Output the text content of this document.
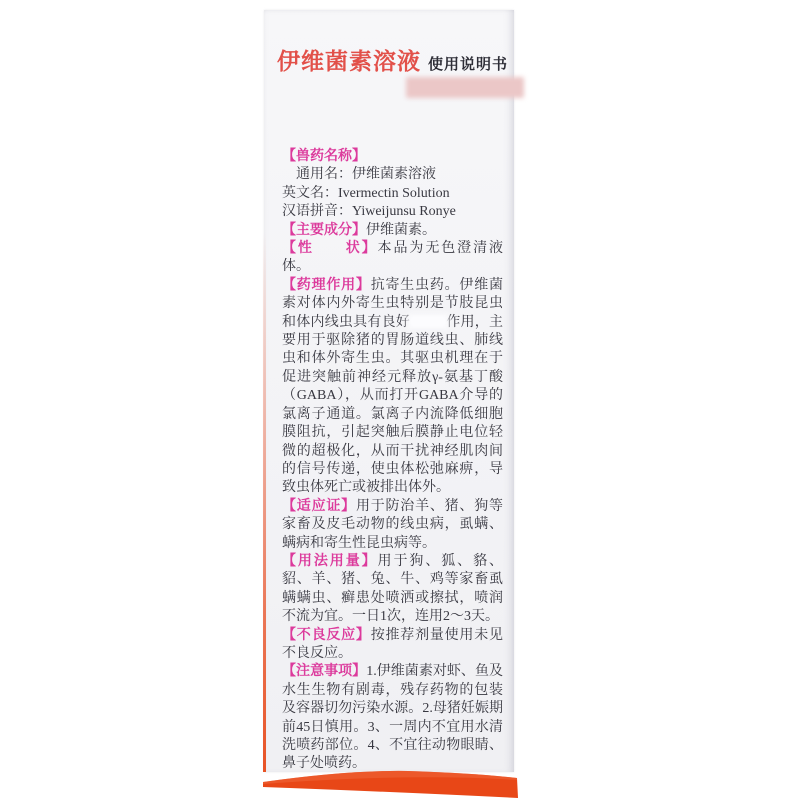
伊维菌素溶液 使用说明书

【兽药名称】

通用名：伊维菌素溶液

英文名：Ivermectin Solution

汉语拼音：Yiweijunsu Ronye

【主要成分】伊维菌素。

【性　　状】本品为无色澄清液体。

【药理作用】抗寄生虫药。伊维菌素对体内外寄生虫特别是节肢昆虫和体内线虫具有良好	作用，主要用于驱除猪的胃肠道线虫、肺线虫和体外寄生虫。其驱虫机理在于促进突触前神经元释放γ-氨基丁酸（GABA），从而打开GABA介导的氯离子通道。氯离子内流降低细胞膜阻抗，引起突触后膜静止电位轻微的超极化，从而干扰神经肌肉间的信号传递，使虫体松弛麻痹，导致虫体死亡或被排出体外。

【适应证】用于防治羊、猪、狗等家畜及皮毛动物的线虫病，虱螨、螨病和寄生性昆虫病等。

【用法用量】用于狗、狐、貉、貂、羊、猪、兔、牛、鸡等家畜虱螨螨虫、癣患处喷洒或擦拭，喷润不流为宜。一日1次，连用2～3天。

【不良反应】按推荐剂量使用未见不良反应。

【注意事项】1.伊维菌素对虾、鱼及水生生物有剧毒，残存药物的包装及容器切勿污染水源。2.母猪妊娠期前45日慎用。3、一周内不宜用水清洗喷药部位。4、不宜往动物眼睛、鼻子处喷药。
